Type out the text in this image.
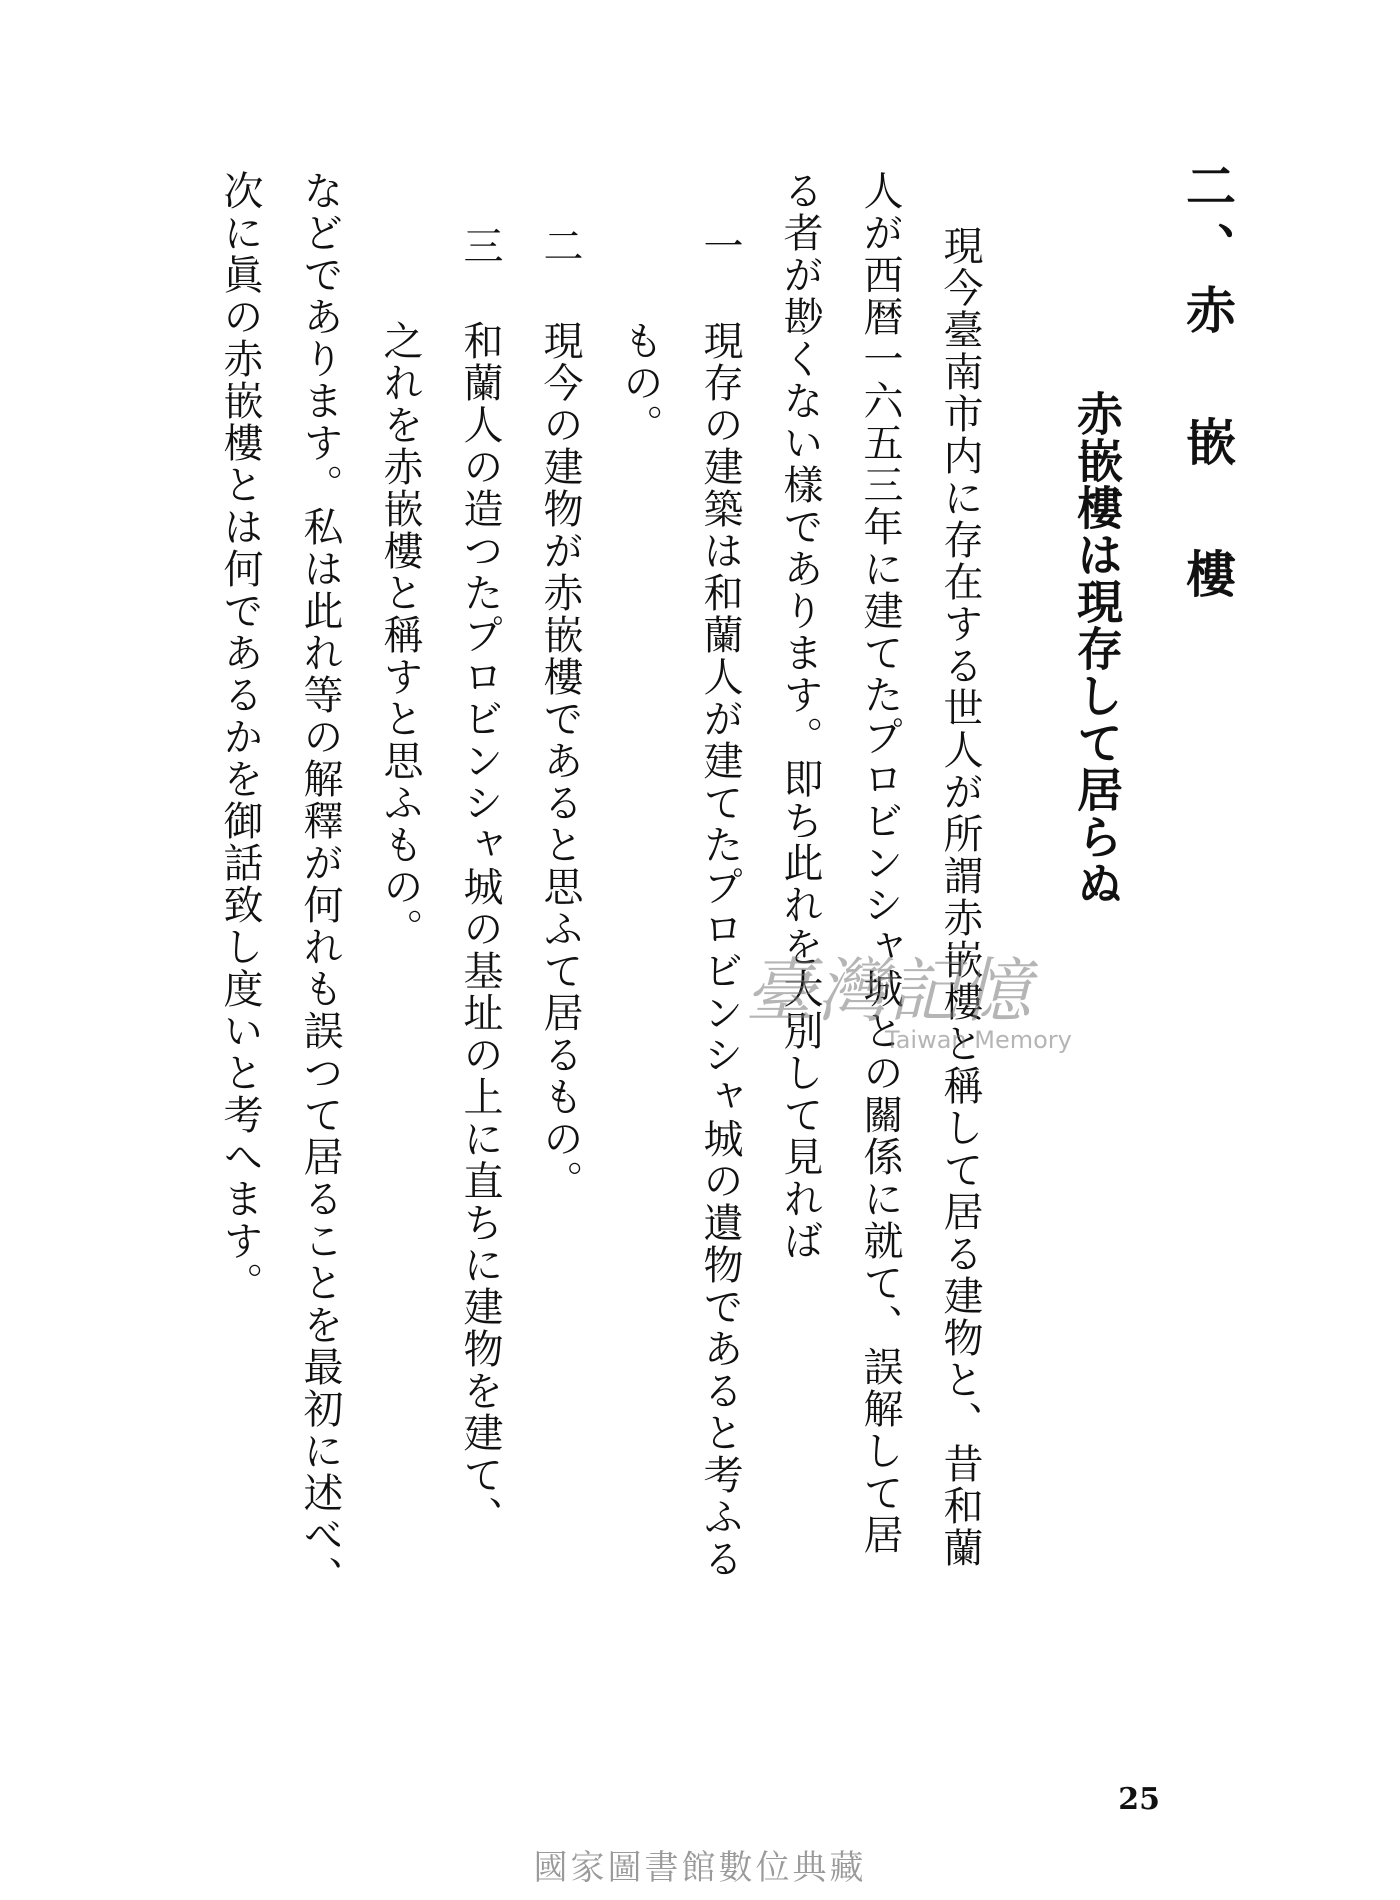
二、赤 嵌 樓
赤嵌樓は現存して居らぬ
現今臺南市内に存在する世人が所謂赤嵌樓と稱して居る建物と、昔和蘭
人が西暦一六五三年に建てたプロビンシャ城との關係に就て、誤解して居
る者が尠くない樣であります。即ち此れを大別して見れば
一
現存の建築は和蘭人が建てたプロビンシャ城の遺物であると考ふる
もの。
二
現今の建物が赤嵌樓であると思ふて居るもの。
三
和蘭人の造つたプロビンシャ城の基址の上に直ちに建物を建て、
之れを赤嵌樓と稱すと思ふもの。
などであります。私は此れ等の解釋が何れも誤つて居ることを最初に述べ、
次に眞の赤嵌樓とは何であるかを御話致し度いと考へます。	臺灣記憶
Taiwan Memory
25
國家圖書館數位典藏
